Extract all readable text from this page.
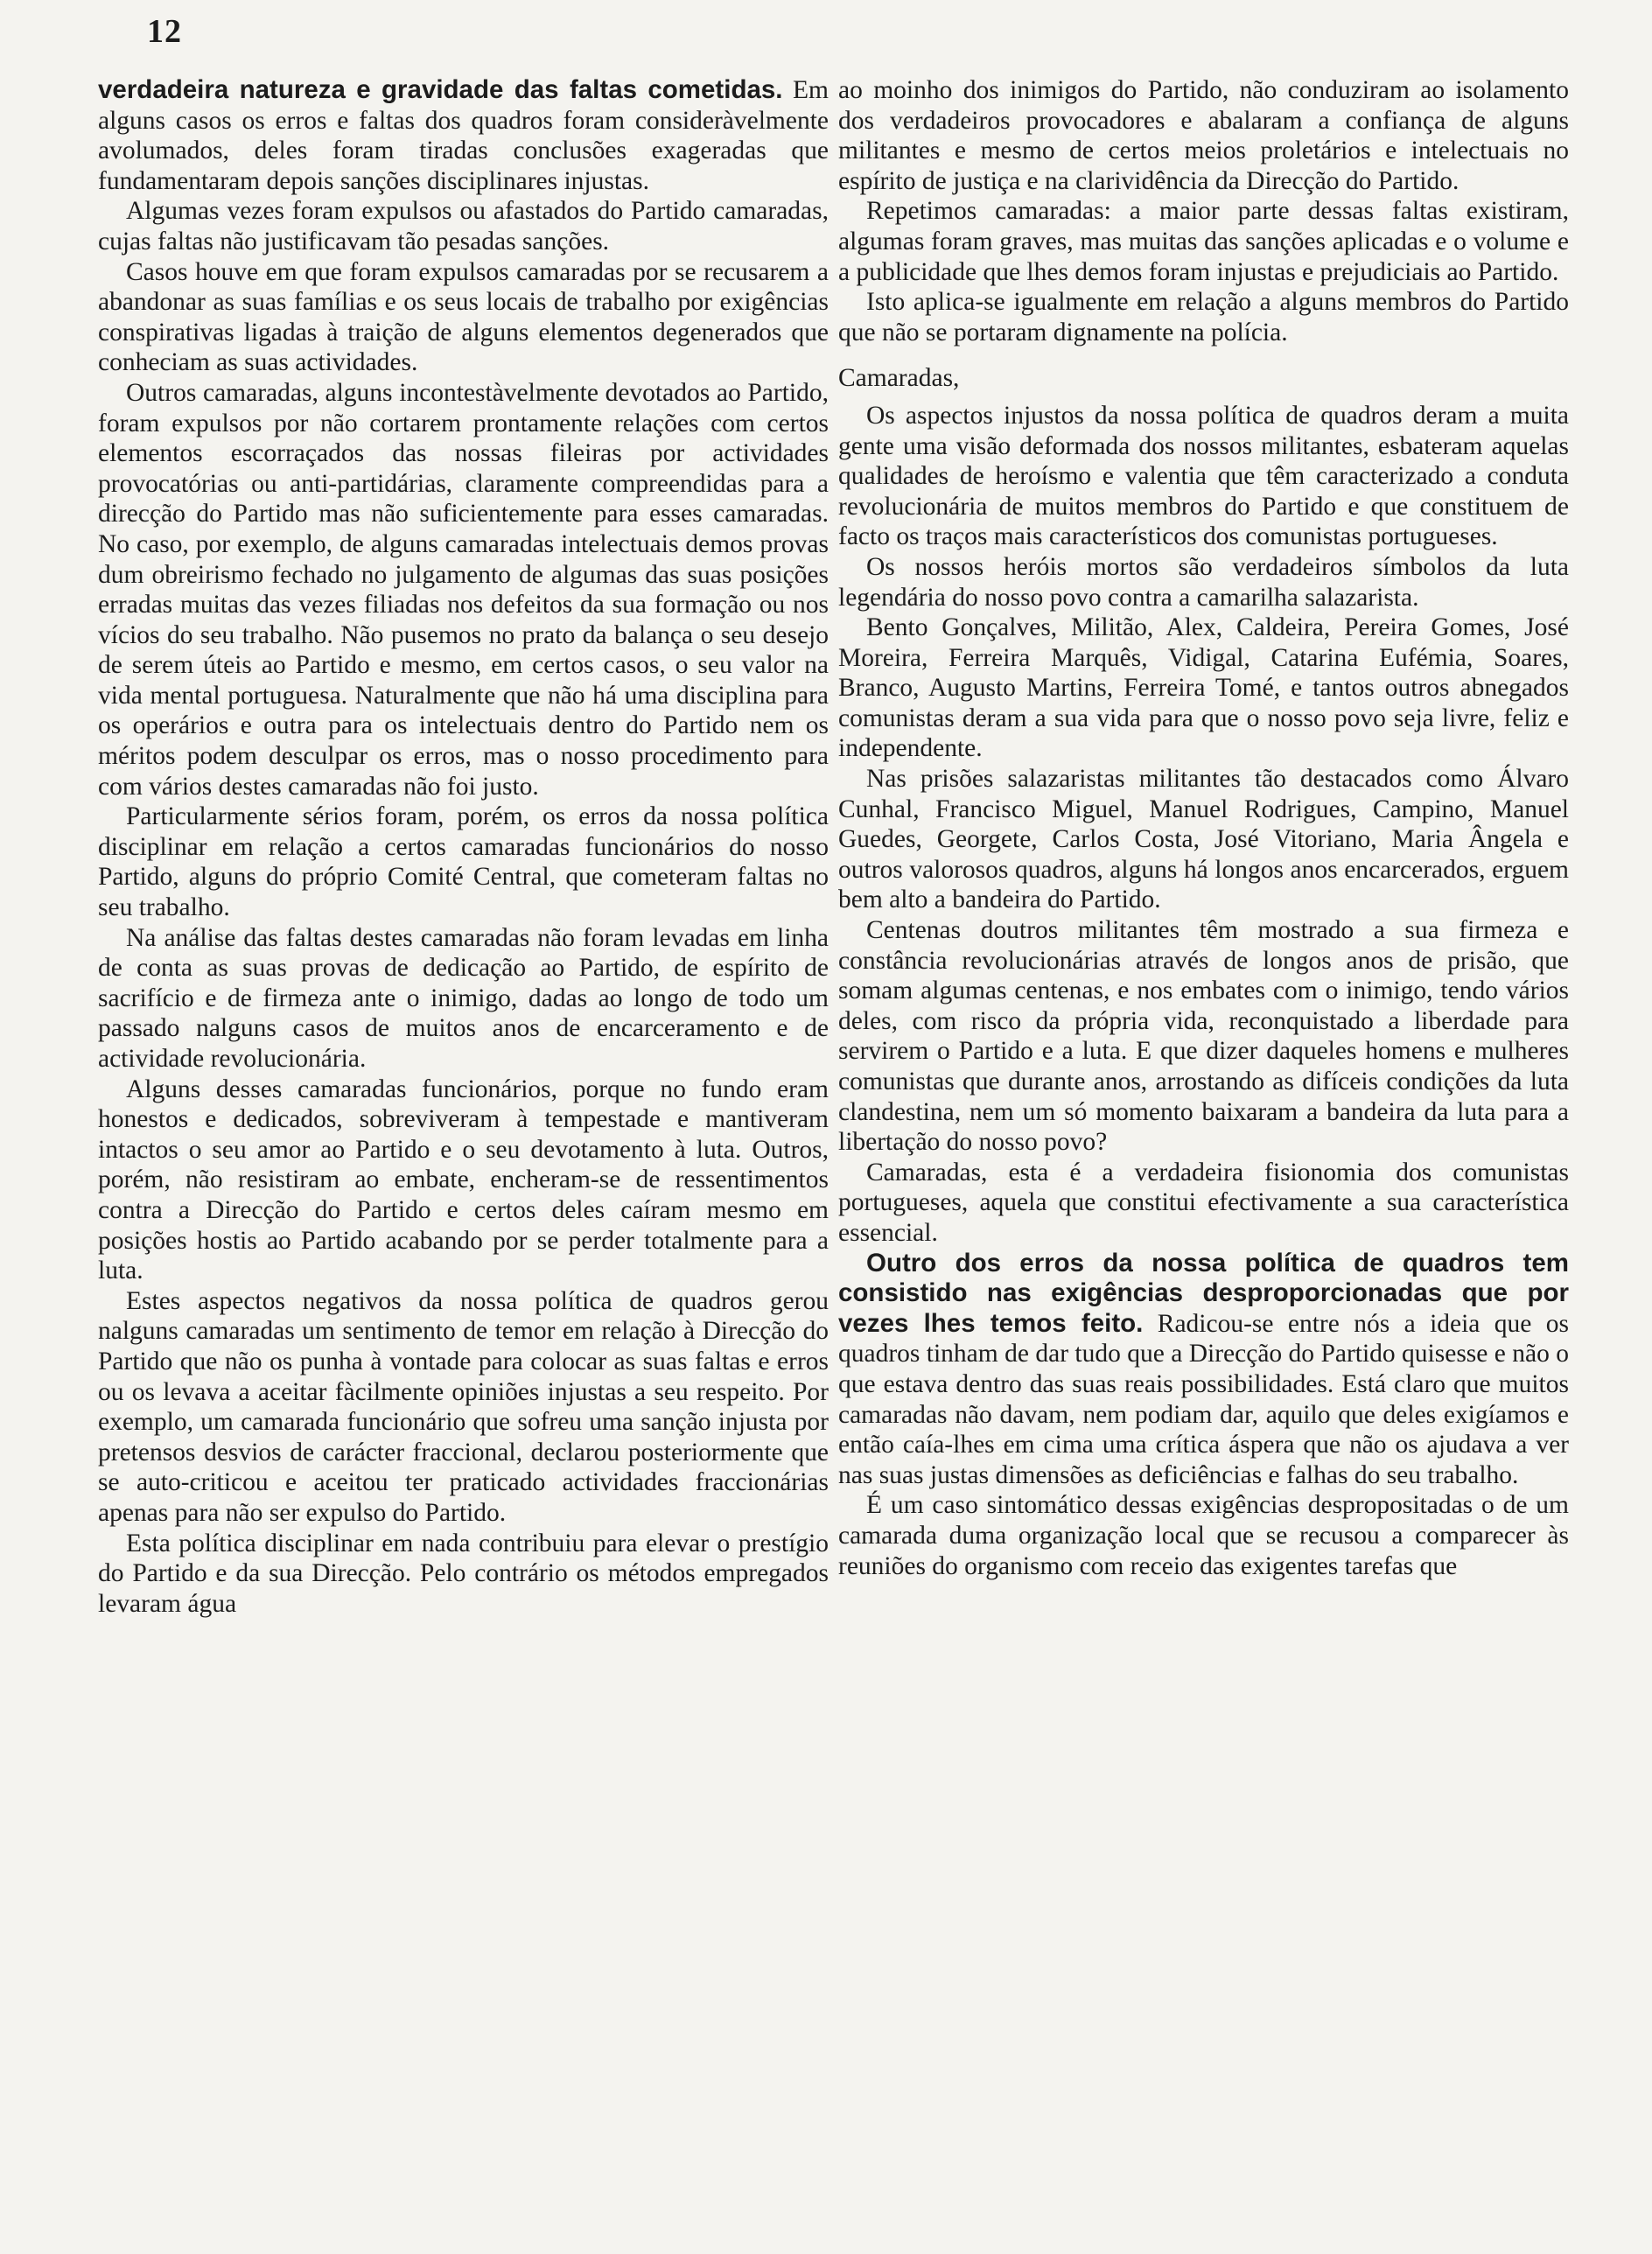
12

verdadeira natureza e gravidade das faltas cometidas. Em alguns casos os erros e faltas dos quadros foram consideràvelmente avolumados, deles foram tiradas conclusões exageradas que fundamentaram depois sanções disciplinares injustas.

Algumas vezes foram expulsos ou afastados do Partido camaradas, cujas faltas não justificavam tão pesadas sanções.

Casos houve em que foram expulsos camaradas por se recusarem a abandonar as suas famílias e os seus locais de trabalho por exigências conspirativas ligadas à traição de alguns elementos degenerados que conheciam as suas actividades.

Outros camaradas, alguns incontestàvelmente devotados ao Partido, foram expulsos por não cortarem prontamente relações com certos elementos escorraçados das nossas fileiras por actividades provocatórias ou anti-partidárias, claramente compreendidas para a direcção do Partido mas não suficientemente para esses camaradas. No caso, por exemplo, de alguns camaradas intelectuais demos provas dum obreirismo fechado no julgamento de algumas das suas posições erradas muitas das vezes filiadas nos defeitos da sua formação ou nos vícios do seu trabalho. Não pusemos no prato da balança o seu desejo de serem úteis ao Partido e mesmo, em certos casos, o seu valor na vida mental portuguesa. Naturalmente que não há uma disciplina para os operários e outra para os intelectuais dentro do Partido nem os méritos podem desculpar os erros, mas o nosso procedimento para com vários destes camaradas não foi justo.

Particularmente sérios foram, porém, os erros da nossa política disciplinar em relação a certos camaradas funcionários do nosso Partido, alguns do próprio Comité Central, que cometeram faltas no seu trabalho.

Na análise das faltas destes camaradas não foram levadas em linha de conta as suas provas de dedicação ao Partido, de espírito de sacrifício e de firmeza ante o inimigo, dadas ao longo de todo um passado nalguns casos de muitos anos de encarceramento e de actividade revolucionária.

Alguns desses camaradas funcionários, porque no fundo eram honestos e dedicados, sobreviveram à tempestade e mantiveram intactos o seu amor ao Partido e o seu devotamento à luta. Outros, porém, não resistiram ao embate, encheram-se de ressentimentos contra a Direcção do Partido e certos deles caíram mesmo em posições hostis ao Partido acabando por se perder totalmente para a luta.

Estes aspectos negativos da nossa política de quadros gerou nalguns camaradas um sentimento de temor em relação à Direcção do Partido que não os punha à vontade para colocar as suas faltas e erros ou os levava a aceitar fàcilmente opiniões injustas a seu respeito. Por exemplo, um camarada funcionário que sofreu uma sanção injusta por pretensos desvios de carácter fraccional, declarou posteriormente que se auto-criticou e aceitou ter praticado actividades fraccionárias apenas para não ser expulso do Partido.

Esta política disciplinar em nada contribuiu para elevar o prestígio do Partido e da sua Direcção. Pelo contrário os métodos empregados levaram água

ao moinho dos inimigos do Partido, não conduziram ao isolamento dos verdadeiros provocadores e abalaram a confiança de alguns militantes e mesmo de certos meios proletários e intelectuais no espírito de justiça e na clarividência da Direcção do Partido.

Repetimos camaradas: a maior parte dessas faltas existiram, algumas foram graves, mas muitas das sanções aplicadas e o volume e a publicidade que lhes demos foram injustas e prejudiciais ao Partido.

Isto aplica-se igualmente em relação a alguns membros do Partido que não se portaram dignamente na polícia.

Camaradas,

Os aspectos injustos da nossa política de quadros deram a muita gente uma visão deformada dos nossos militantes, esbateram aquelas qualidades de heroísmo e valentia que têm caracterizado a conduta revolucionária de muitos membros do Partido e que constituem de facto os traços mais característicos dos comunistas portugueses.

Os nossos heróis mortos são verdadeiros símbolos da luta legendária do nosso povo contra a camarilha salazarista.

Bento Gonçalves, Militão, Alex, Caldeira, Pereira Gomes, José Moreira, Ferreira Marquês, Vidigal, Catarina Eufémia, Soares, Branco, Augusto Martins, Ferreira Tomé, e tantos outros abnegados comunistas deram a sua vida para que o nosso povo seja livre, feliz e independente.

Nas prisões salazaristas militantes tão destacados como Álvaro Cunhal, Francisco Miguel, Manuel Rodrigues, Campino, Manuel Guedes, Georgete, Carlos Costa, José Vitoriano, Maria Ângela e outros valorosos quadros, alguns há longos anos encarcerados, erguem bem alto a bandeira do Partido.

Centenas doutros militantes têm mostrado a sua firmeza e constância revolucionárias através de longos anos de prisão, que somam algumas centenas, e nos embates com o inimigo, tendo vários deles, com risco da própria vida, reconquistado a liberdade para servirem o Partido e a luta. E que dizer daqueles homens e mulheres comunistas que durante anos, arrostando as difíceis condições da luta clandestina, nem um só momento baixaram a bandeira da luta para a libertação do nosso povo?

Camaradas, esta é a verdadeira fisionomia dos comunistas portugueses, aquela que constitui efectivamente a sua característica essencial.

Outro dos erros da nossa política de quadros tem consistido nas exigências desproporcionadas que por vezes lhes temos feito. Radicou-se entre nós a ideia que os quadros tinham de dar tudo que a Direcção do Partido quisesse e não o que estava dentro das suas reais possibilidades. Está claro que muitos camaradas não davam, nem podiam dar, aquilo que deles exigíamos e então caía-lhes em cima uma crítica áspera que não os ajudava a ver nas suas justas dimensões as deficiências e falhas do seu trabalho.

É um caso sintomático dessas exigências despropositadas o de um camarada duma organização local que se recusou a comparecer às reuniões do organismo com receio das exigentes tarefas que
